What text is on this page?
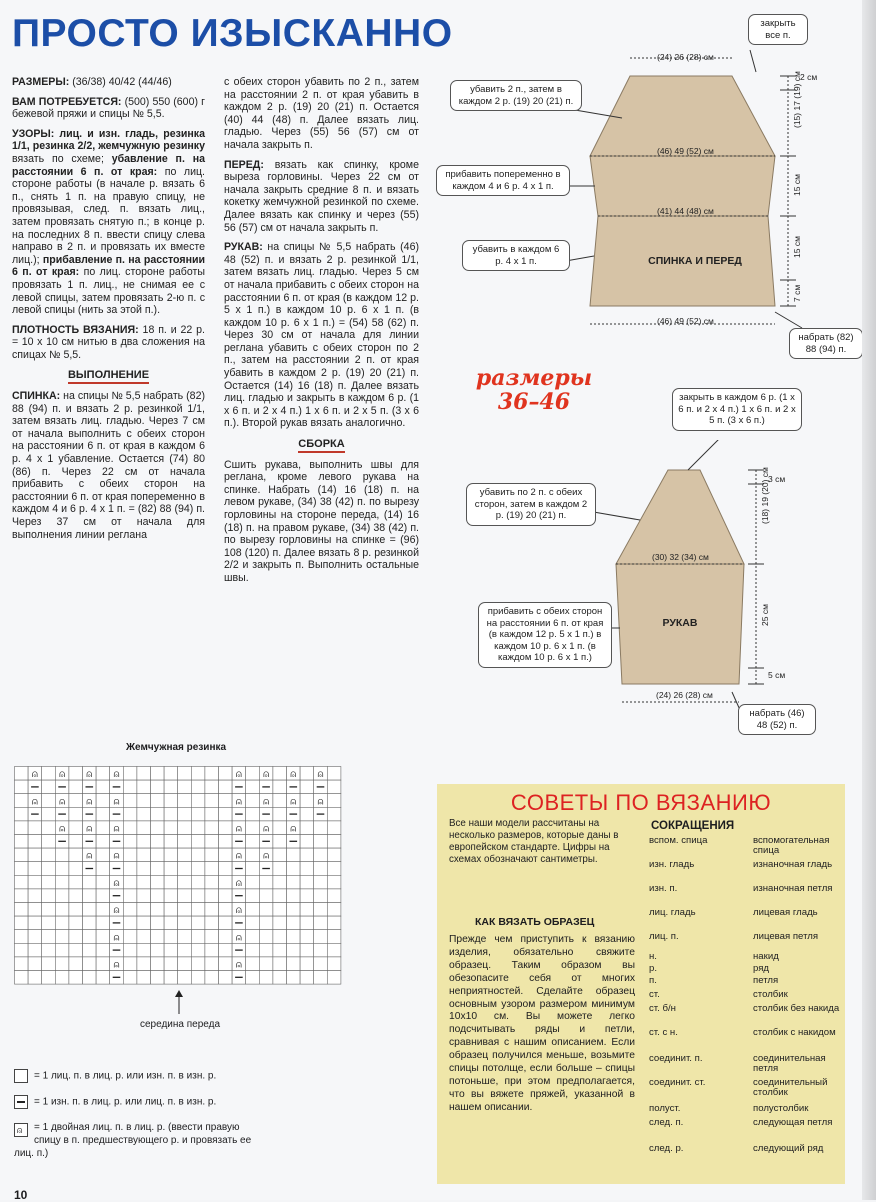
ПРОСТО ИЗЫСКАННО

РАЗМЕРЫ: (36/38) 40/42 (44/46)

ВАМ ПОТРЕБУЕТСЯ: (500) 550 (600) г бежевой пряжи и спицы № 5,5.

УЗОРЫ: лиц. и изн. гладь, резинка 1/1, резинка 2/2, жемчужную резинку вязать по схеме; убавление п. на расстоянии 6 п. от края: по лиц. стороне работы (в начале р. вязать 6 п., снять 1 п. на правую спицу, не провязывая, след. п. вязать лиц., затем провязать снятую п.; в конце р. на последних 8 п. ввести спицу слева направо в 2 п. и провязать их вместе лиц.); прибавление п. на расстоянии 6 п. от края: по лиц. стороне работы провязать 1 п. лиц., не снимая ее с левой спицы, затем провязать 2-ю п. с левой спицы (нить за этой п.).

ПЛОТНОСТЬ ВЯЗАНИЯ: 18 п. и 22 р. = 10 x 10 см нитью в два сложения на спицах № 5,5.

ВЫПОЛНЕНИЕ

СПИНКА: на спицы № 5,5 набрать (82) 88 (94) п. и вязать 2 р. резинкой 1/1, затем вязать лиц. гладью. Через 7 см от начала выполнить с обеих сторон на расстоянии 6 п. от края в каждом 6 р. 4 x 1 убавление. Остается (74) 80 (86) п. Через 22 см от начала прибавить с обеих сторон на расстоянии 6 п. от края попеременно в каждом 4 и 6 р. 4 x 1 п. = (82) 88 (94) п. Через 37 см от начала для выполнения линии реглана

с обеих сторон убавить по 2 п., затем на расстоянии 2 п. от края убавить в каждом 2 р. (19) 20 (21) п. Остается (40) 44 (48) п. Далее вязать лиц. гладью. Через (55) 56 (57) см от начала закрыть п.

ПЕРЕД: вязать как спинку, кроме выреза горловины. Через 22 см от начала закрыть средние 8 п. и вязать кокетку жемчужной резинкой по схеме. Далее вязать как спинку и через (55) 56 (57) см от начала закрыть п.

РУКАВ: на спицы № 5,5 набрать (46) 48 (52) п. и вязать 2 р. резинкой 1/1, затем вязать лиц. гладью. Через 5 см от начала прибавить с обеих сторон на расстоянии 6 п. от края (в каждом 12 р. 5 x 1 п.) в каждом 10 р. 6 x 1 п. (в каждом 10 р. 6 x 1 п.) = (54) 58 (62) п. Через 30 см от начала для линии реглана убавить с обеих сторон по 2 п., затем на расстоянии 2 п. от края убавить в каждом 2 р. (19) 20 (21) п. Остается (14) 16 (18) п. Далее вязать лиц. гладью и закрыть в каждом 6 р. (1 x 6 п. и 2 x 4 п.) 1 x 6 п. и 2 x 5 п. (3 x 6 п.). Второй рукав вязать аналогично.

СБОРКА

Сшить рукава, выполнить швы для реглана, кроме левого рукава на спинке. Набрать (14) 16 (18) п. на левом рукаве, (34) 38 (42) п. по вырезу горловины на стороне переда, (14) 16 (18) п. на правом рукаве, (34) 38 (42) п. по вырезу горловины на спинке = (96) 108 (120) п. Далее вязать 8 р. резинкой 2/2 и закрыть п. Выполнить остальные швы.

(24) 26 (28) см
(46) 49 (52) см
(41) 44 (48) см
(46) 49 (52) см
2 см
(15) 17 (19) см
15 см
15 см
7 см
СПИНКА И ПЕРЕД
закрыть все п.
убавить 2 п., затем в каждом 2 р. (19) 20 (21) п.
прибавить попеременно в каждом 4 и 6 р. 4 x 1 п.
убавить в каждом 6 р. 4 x 1 п.
набрать (82) 88 (94) п.
размеры
36–46	закрыть в каждом 6 р. (1 x 6 п. и 2 x 4 п.) 1 x 6 п. и 2 x 5 п. (3 x 6 п.)
убавить по 2 п. с обеих сторон, затем в каждом 2 р. (19) 20 (21) п.
прибавить с обеих сторон на расстоянии 6 п. от края (в каждом 12 р. 5 x 1 п.) в каждом 10 р. 6 x 1 п. (в каждом 10 р. 6 x 1 п.)
набрать (46) 48 (52) п.
(30) 32 (34) см
(24) 26 (28) см
3 см
(18) 19 (20) см
25 см
5 см
РУКАВ
Жемчужная резинка
⍝
⍝
⍝
⍝
⍝
⍝
⍝
⍝
⍝
⍝
⍝
⍝
⍝
⍝
⍝
⍝
⍝
⍝
⍝
⍝
⍝
⍝
⍝
⍝
⍝
⍝
⍝
⍝
⍝
⍝
⍝
⍝
⍝
⍝
середина переда
= 1 лиц. п. в лиц. р. или изн. п. в изн. р.
= 1 изн. п. в лиц. р. или лиц. п. в изн. р.
⍝ = 1 двойная лиц. п. в лиц. р. (ввести правую спицу в п. предшествующего р. и провязать ее лиц. п.)
СОВЕТЫ ПО ВЯЗАНИЮ
Все наши модели рассчитаны на несколько размеров, которые даны в европейском стандарте. Цифры на схемах обозначают сантиметры.
КАК ВЯЗАТЬ ОБРАЗЕЦ
Прежде чем приступить к вязанию изделия, обязательно свяжите образец. Таким образом вы обезопасите себя от многих неприятностей. Сделайте образец основным узором размером минимум 10x10 см. Вы можете легко подсчитывать ряды и петли, сравнивая с нашим описанием. Если образец получился меньше, возьмите спицы потолще, если больше – спицы потоньше, при этом предполагается, что вы вяжете пряжей, указанной в нашем описании.
СОКРАЩЕНИЯ
вспом. спица	вспомогательная спица
изн. гладь	изнаночная гладь
изн. п.	изнаночная петля
лиц. гладь	лицевая гладь
лиц. п.	лицевая петля
н.	накид
р.	ряд
п.	петля
ст.	столбик
ст. б/н	столбик без накида
ст. с н.	столбик с накидом
соединит. п.	соединительная петля
соединит. ст.	соединительный столбик
полуст.	полустолбик
след. п.	следующая петля
след. р.	следующий ряд
10
